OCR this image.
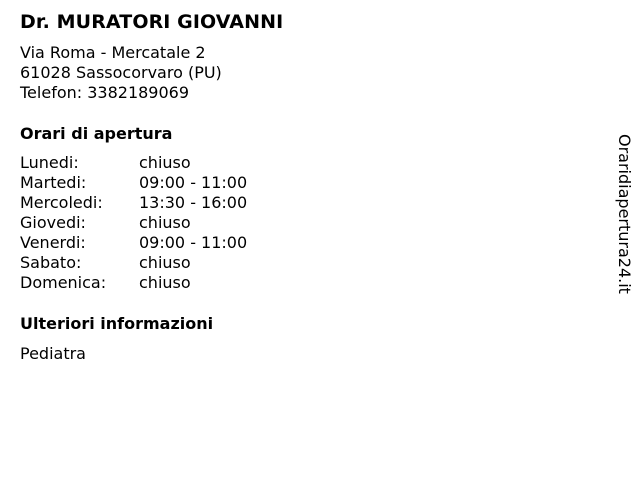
Dr. MURATORI GIOVANNI
Via Roma - Mercatale 2
61028 Sassocorvaro (PU)
Telefon: 3382189069
Orari di apertura
Lunedi:	chiuso
Martedi:	09:00 - 11:00
Mercoledi: 13:30 - 16:00
Giovedi:	chiuso
Venerdi:	09:00 - 11:00
Sabato:	chiuso
Domenica: chiuso
Ulteriori informazioni
Pediatra
Oraridiapertura24.it
